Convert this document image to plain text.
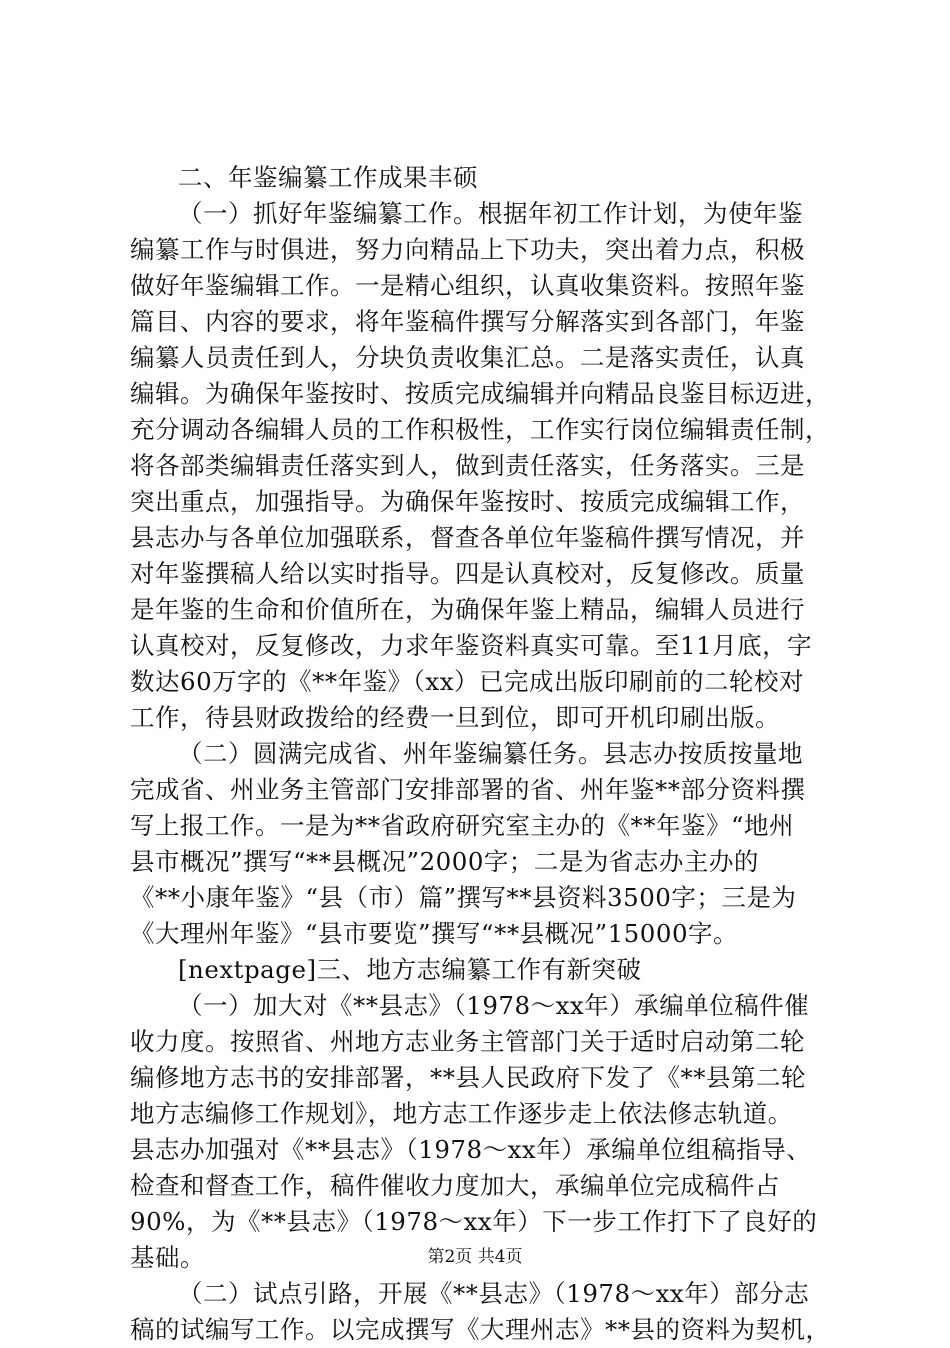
二、年鉴编纂工作成果丰硕
（一）抓好年鉴编纂工作。根据年初工作计划，为使年鉴
编纂工作与时俱进，努力向精品上下功夫，突出着力点，积极
做好年鉴编辑工作。一是精心组织，认真收集资料。按照年鉴
篇目、内容的要求，将年鉴稿件撰写分解落实到各部门，年鉴
编纂人员责任到人，分块负责收集汇总。二是落实责任，认真
编辑。为确保年鉴按时、按质完成编辑并向精品良鉴目标迈进，
充分调动各编辑人员的工作积极性，工作实行岗位编辑责任制，
将各部类编辑责任落实到人，做到责任落实，任务落实。三是
突出重点，加强指导。为确保年鉴按时、按质完成编辑工作，
县志办与各单位加强联系，督查各单位年鉴稿件撰写情况，并
对年鉴撰稿人给以实时指导。四是认真校对，反复修改。质量
是年鉴的生命和价值所在，为确保年鉴上精品，编辑人员进行
认真校对，反复修改，力求年鉴资料真实可靠。至11月底，字
数达60万字的《**年鉴》（xx）已完成出版印刷前的二轮校对
工作，待县财政拨给的经费一旦到位，即可开机印刷出版。
（二）圆满完成省、州年鉴编纂任务。县志办按质按量地
完成省、州业务主管部门安排部署的省、州年鉴**部分资料撰
写上报工作。一是为**省政府研究室主办的《**年鉴》“地州
县市概况”撰写“**县概况”2000字；二是为省志办主办的
《**小康年鉴》“县（市）篇”撰写**县资料3500字；三是为
《大理州年鉴》“县市要览”撰写“**县概况”15000字。
[nextpage]三、地方志编纂工作有新突破
（一）加大对《**县志》（1978～xx年）承编单位稿件催
收力度。按照省、州地方志业务主管部门关于适时启动第二轮
编修地方志书的安排部署，**县人民政府下发了《**县第二轮
地方志编修工作规划》，地方志工作逐步走上依法修志轨道。
县志办加强对《**县志》（1978～xx年）承编单位组稿指导、
检查和督查工作，稿件催收力度加大，承编单位完成稿件占
90%，为《**县志》（1978～xx年）下一步工作打下了良好的
基础。
（二）试点引路，开展《**县志》（1978～xx年）部分志
稿的试编写工作。以完成撰写《大理州志》**县的资料为契机，
第2页 共4页
